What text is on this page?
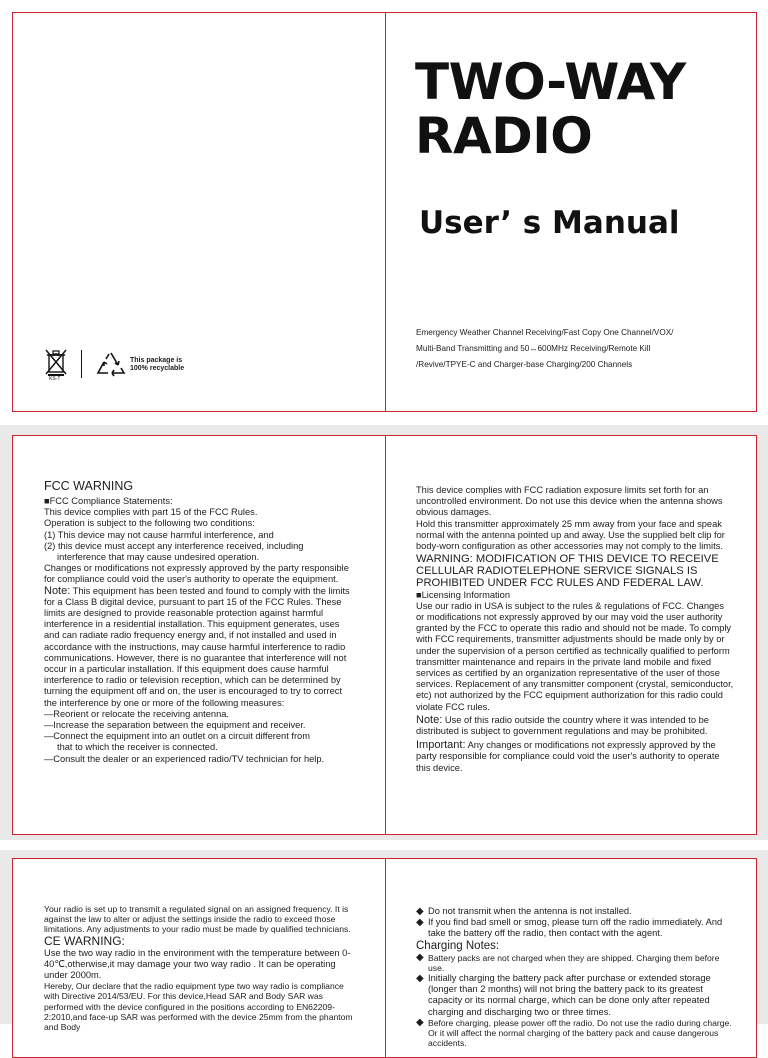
KS-T
This package is
100% recyclable
TWO-WAY
RADIO
User’ s Manual
Emergency Weather Channel Receiving/Fast Copy One Channel/VOX/
Multi-Band Transmitting and 50↔600MHz Receiving/Remote Kill
/Revive/TPYE-C and Charger-base Charging/200 Channels
FCC WARNING

■FCC Compliance Statements:

This device complies with part 15 of the FCC Rules.

Operation is subject to the following two conditions:

(1) This device may not cause harmful interference, and

(2) this device must accept any interference received, including

interference that may cause undesired operation.

Changes or modifications not expressly approved by the party responsible for compliance could void the user's authority to operate the equipment.

Note: This equipment has been tested and found to comply with the limits for a Class B digital device, pursuant to part 15 of the FCC Rules. These limits are designed to provide reasonable protection against harmful interference in a residential installation. This equipment generates, uses and can radiate radio frequency energy and, if not installed and used in accordance with the instructions, may cause harmful interference to radio communications. However, there is no guarantee that interference will not occur in a particular installation. If this equipment does cause harmful interference to radio or television reception, which can be determined by turning the equipment off and on, the user is encouraged to try to correct the interference by one or more of the following measures:

—Reorient or relocate the receiving antenna.

—Increase the separation between the equipment and receiver.

—Connect the equipment into an outlet on a circuit different from

that to which the receiver is connected.

—Consult the dealer or an experienced radio/TV technician for help.

This device complies with FCC radiation exposure limits set forth for an uncontrolled environment. Do not use this device when the antenna shows obvious damages.

Hold this transmitter approximately 25 mm away from your face and speak normal with the antenna pointed up and away. Use the supplied belt clip for body-worn configuration as other accessories may not comply to the limits.

WARNING: MODIFICATION OF THIS DEVICE TO RECEIVE CELLULAR RADIOTELEPHONE SERVICE SIGNALS IS PROHIBITED UNDER FCC RULES AND FEDERAL LAW.

■Licensing Information

Use our radio in USA is subject to the rules & regulations of FCC. Changes or modifications not expressly approved by our may void the user authority granted by the FCC to operate this radio and should not be made. To comply with FCC requirements, transmitter adjustments should be made only by or under the supervision of a person certified as technically qualified to perform transmitter maintenance and repairs in the private land mobile and fixed services as certified by an organization representative of the user of those services. Replacement of any transmitter component (crystal, semiconductor, etc) not authorized by the FCC equipment authorization for this radio could violate FCC rules.

Note: Use of this radio outside the country where it was intended to be distributed is subject to government regulations and may be prohibited.

Important: Any changes or modifications not expressly approved by the party responsible for compliance could void the user's authority to operate this device.

Your radio is set up to transmit a regulated signal on an assigned frequency. It is against the law to alter or adjust the settings inside the radio to exceed those limitations. Any adjustments to your radio must be made by qualified technicians.

CE WARNING:

Use the two way radio in the environment with the temperature between 0-40℃,otherwise,it may damage your two way radio . It can be operating under 2000m.

Hereby, Our declare that the radio equipment type two way radio is compliance with Directive 2014/53/EU. For this device,Head SAR and Body SAR was performed with the device configured in the positions according to EN62209-2:2010,and face-up SAR was performed with the device 25mm from the phantom and Body

◆ Do not transmit when the antenna is not installed.
◆ If you find bad smell or smog, please turn off the radio immediately. And take the battery off the radio, then contact with the agent.
Charging Notes:
◆ Battery packs are not charged when they are shipped. Charging them before use.
◆ Initially charging the battery pack after purchase or extended storage (longer than 2 months) will not bring the battery pack to its greatest capacity or its normal charge, which can be done only after repeated charging and discharging two or three times.
◆ Before charging, please power off the radio. Do not use the radio during charge. Or it will affect the normal charging of the battery pack and cause dangerous accidents.
